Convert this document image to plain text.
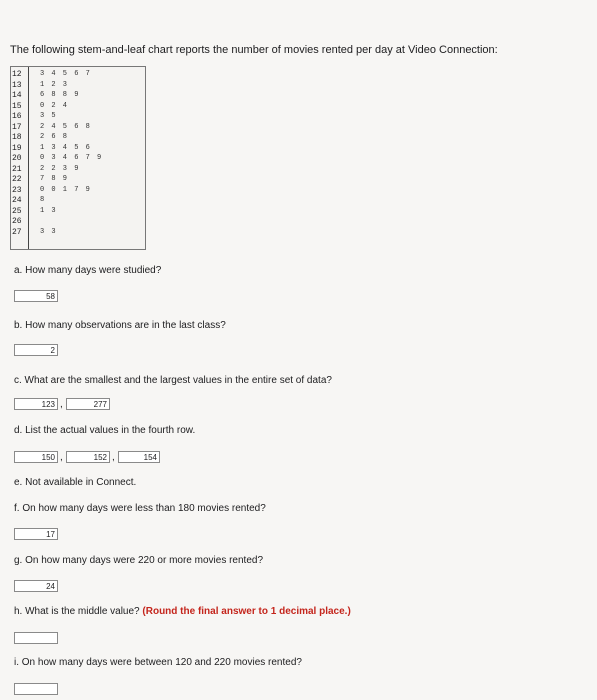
The following stem-and-leaf chart reports the number of movies rented per day at Video Connection:
12	3 4 5 6 7
13	1 2 3
14	6 8 8 9
15	0 2 4
16	3 5
17	2 4 5 6 8
18	2 6 8
19	1 3 4 5 6
20	0 3 4 6 7 9
21	2 2 3 9
22	7 8 9
23	0 0 1 7 9
24	8
25	1 3
26
27	3 3
a. How many days were studied?
58
b. How many observations are in the last class?
2
c. What are the smallest and the largest values in the entire set of data?
123 ,	277
d. List the actual values in the fourth row.
150 ,	152 ,	154
e. Not available in Connect.
f. On how many days were less than 180 movies rented?
17
g. On how many days were 220 or more movies rented?
24
h. What is the middle value? (Round the final answer to 1 decimal place.)
i. On how many days were between 120 and 220 movies rented?
